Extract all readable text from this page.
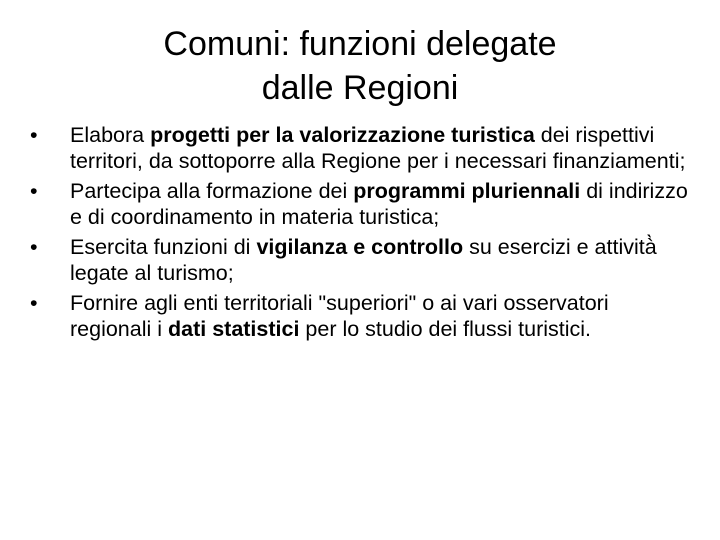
Comuni: funzioni delegate
dalle Regioni
•	Elabora progetti per la valorizzazione turistica dei rispettivi territori, da sottoporre alla Regione per i necessari finanziamenti;
•	Partecipa alla formazione dei programmi pluriennali di indirizzo e di coordinamento in materia turistica;
•	Esercita funzioni di vigilanza e controllo su esercizi e attività̀ legate al turismo;
•	Fornire agli enti territoriali "superiori" o ai vari osservatori regionali i dati statistici per lo studio dei flussi turistici.
